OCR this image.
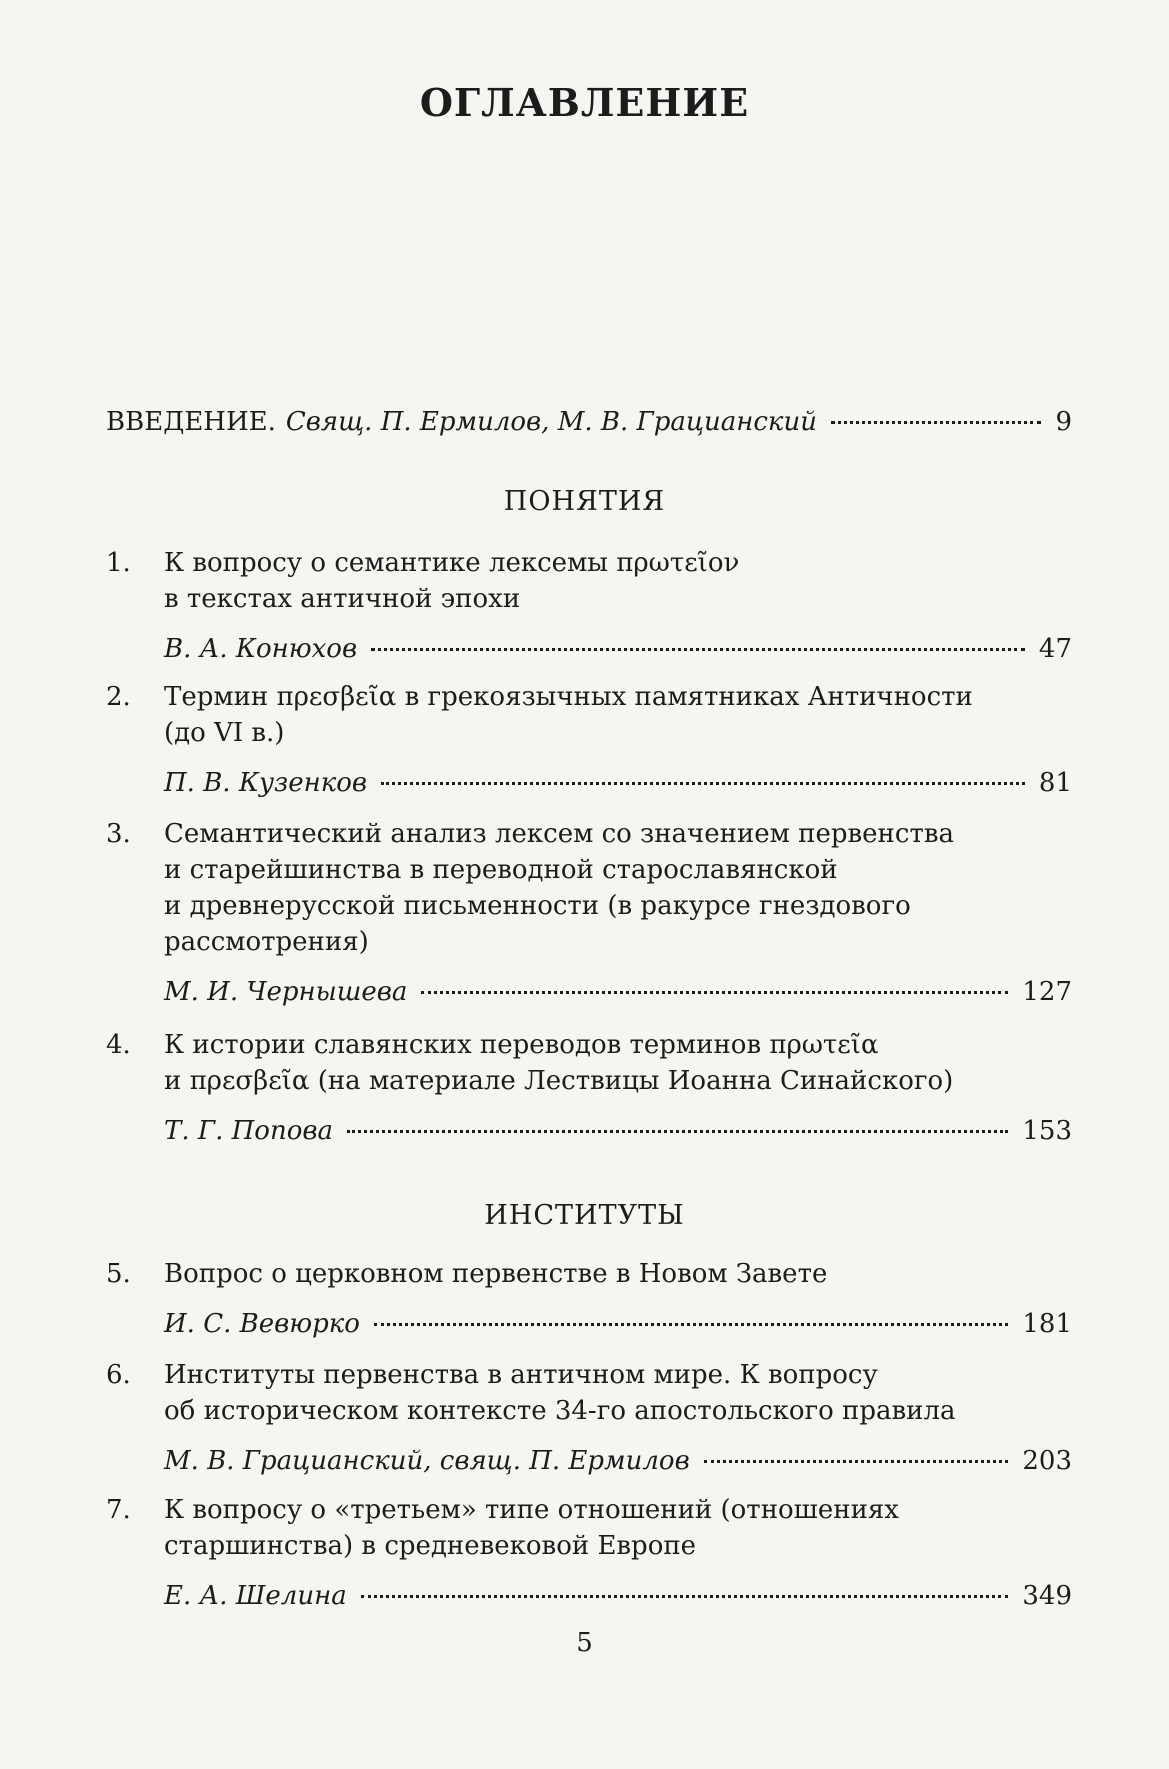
ОГЛАВЛЕНИЕ
ВВЕДЕНИЕ. Свящ. П. Ермилов, М. В. Грацианский	9
ПОНЯТИЯ
1. К вопросу о семантике лексемы πρωτεῖον
в текстах античной эпохи
В. А. Конюхов	47
2. Термин πρεσβεῖα в грекоязычных памятниках Античности
(до VI в.)
П. В. Кузенков	81
3. Семантический анализ лексем со значением первенства
и старейшинства в переводной старославянской
и древнерусской письменности (в ракурсе гнездового
рассмотрения)
М. И. Чернышева	127
4. К истории славянских переводов терминов πρωτεῖα
и πρεσβεῖα (на материале Лествицы Иоанна Синайского)
Т. Г. Попова	153
ИНСТИТУТЫ
5. Вопрос о церковном первенстве в Новом Завете
И. С. Вевюрко	181
6. Институты первенства в античном мире. К вопросу
об историческом контексте 34-го апостольского правила
М. В. Грацианский, свящ. П. Ермилов	203
7. К вопросу о «третьем» типе отношений (отношениях
старшинства) в средневековой Европе
Е. А. Шелина	349
5
